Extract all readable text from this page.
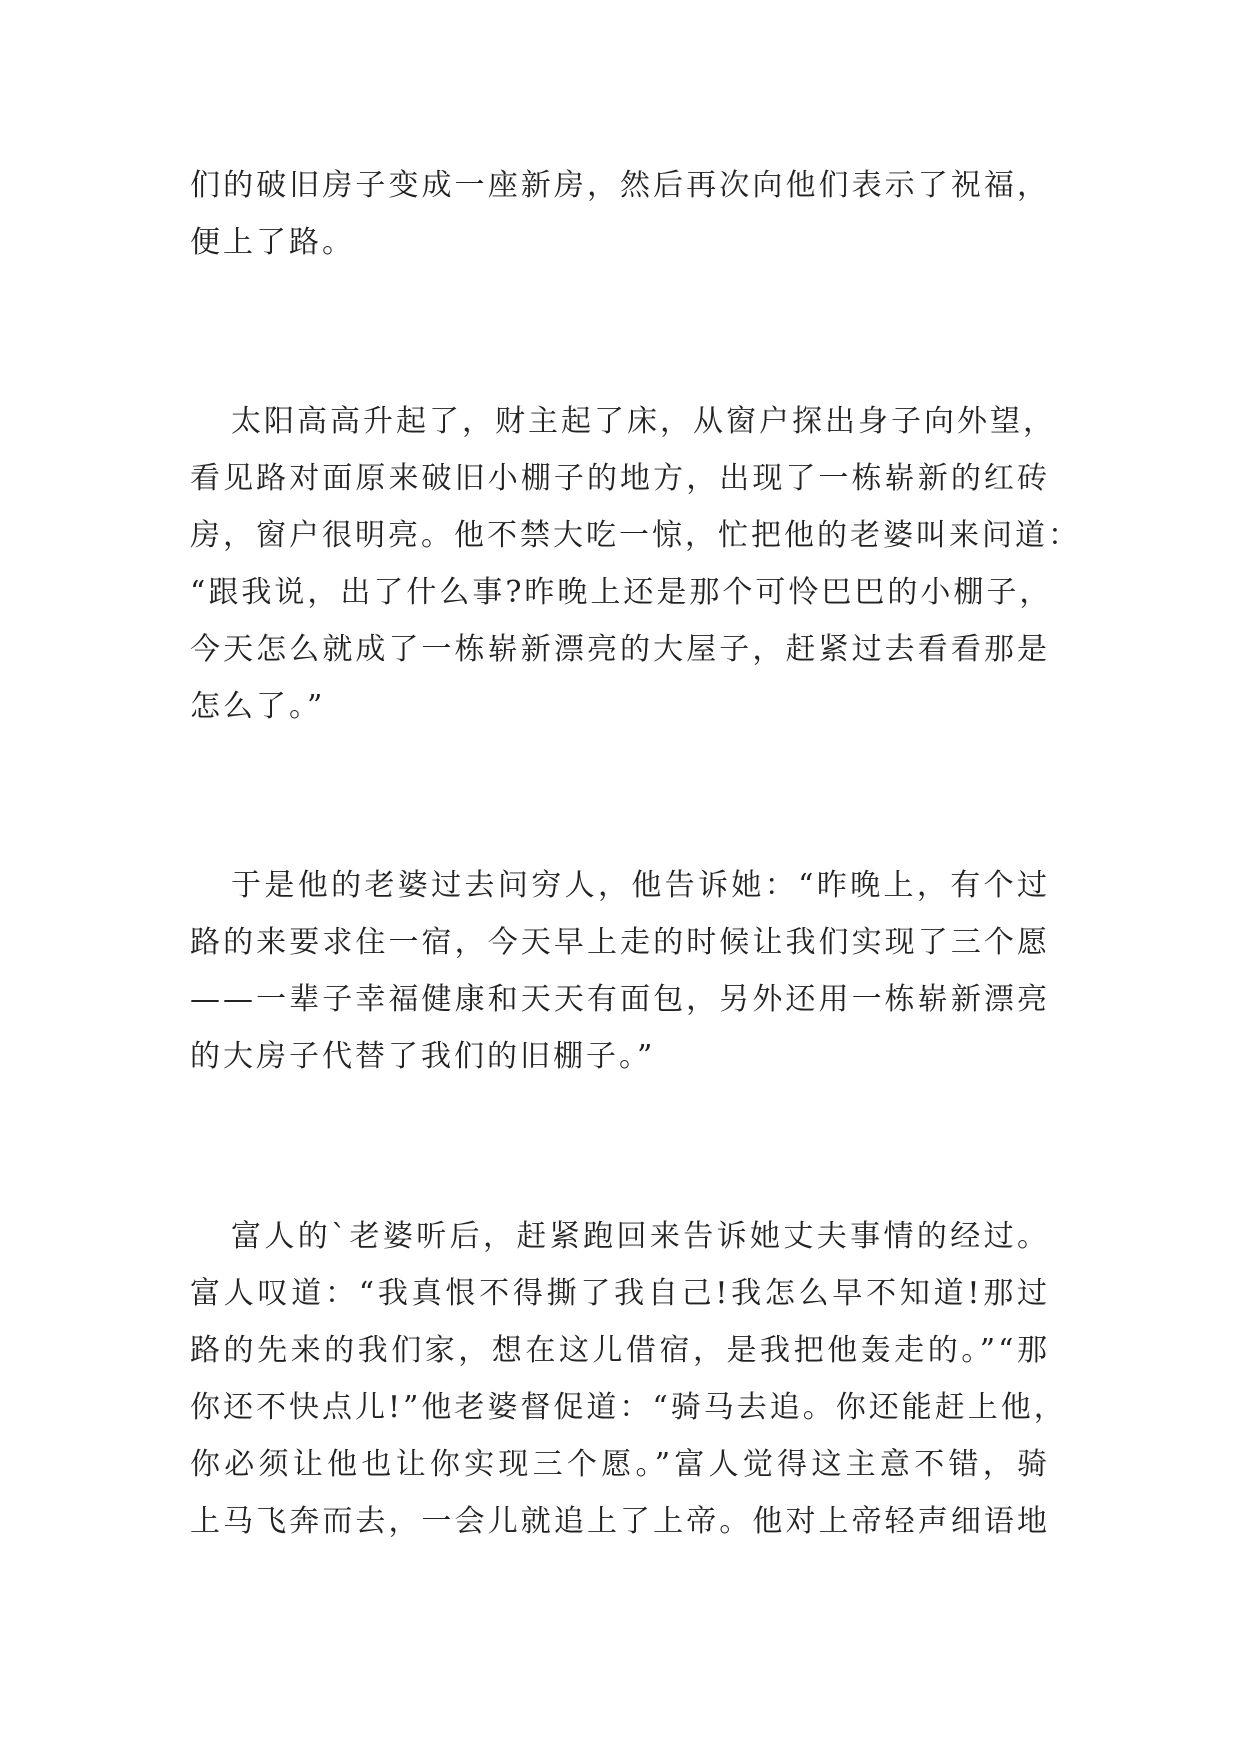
们的破旧房子变成一座新房，然后再次向他们表示了祝福，
便上了路。
太阳高高升起了，财主起了床，从窗户探出身子向外望，
看见路对面原来破旧小棚子的地方，出现了一栋崭新的红砖
房，窗户很明亮。他不禁大吃一惊，忙把他的老婆叫来问道：
“跟我说，出了什么事?昨晚上还是那个可怜巴巴的小棚子，
今天怎么就成了一栋崭新漂亮的大屋子，赶紧过去看看那是
怎么了。”
于是他的老婆过去问穷人，他告诉她：“昨晚上，有个过
路的来要求住一宿，今天早上走的时候让我们实现了三个愿
——一辈子幸福健康和天天有面包，另外还用一栋崭新漂亮
的大房子代替了我们的旧棚子。”
富人的`老婆听后，赶紧跑回来告诉她丈夫事情的经过。
富人叹道：“我真恨不得撕了我自己!我怎么早不知道!那过
路的先来的我们家，想在这儿借宿，是我把他轰走的。”“那
你还不快点儿!”他老婆督促道：“骑马去追。你还能赶上他，
你必须让他也让你实现三个愿。”富人觉得这主意不错，骑
上马飞奔而去，一会儿就追上了上帝。他对上帝轻声细语地
